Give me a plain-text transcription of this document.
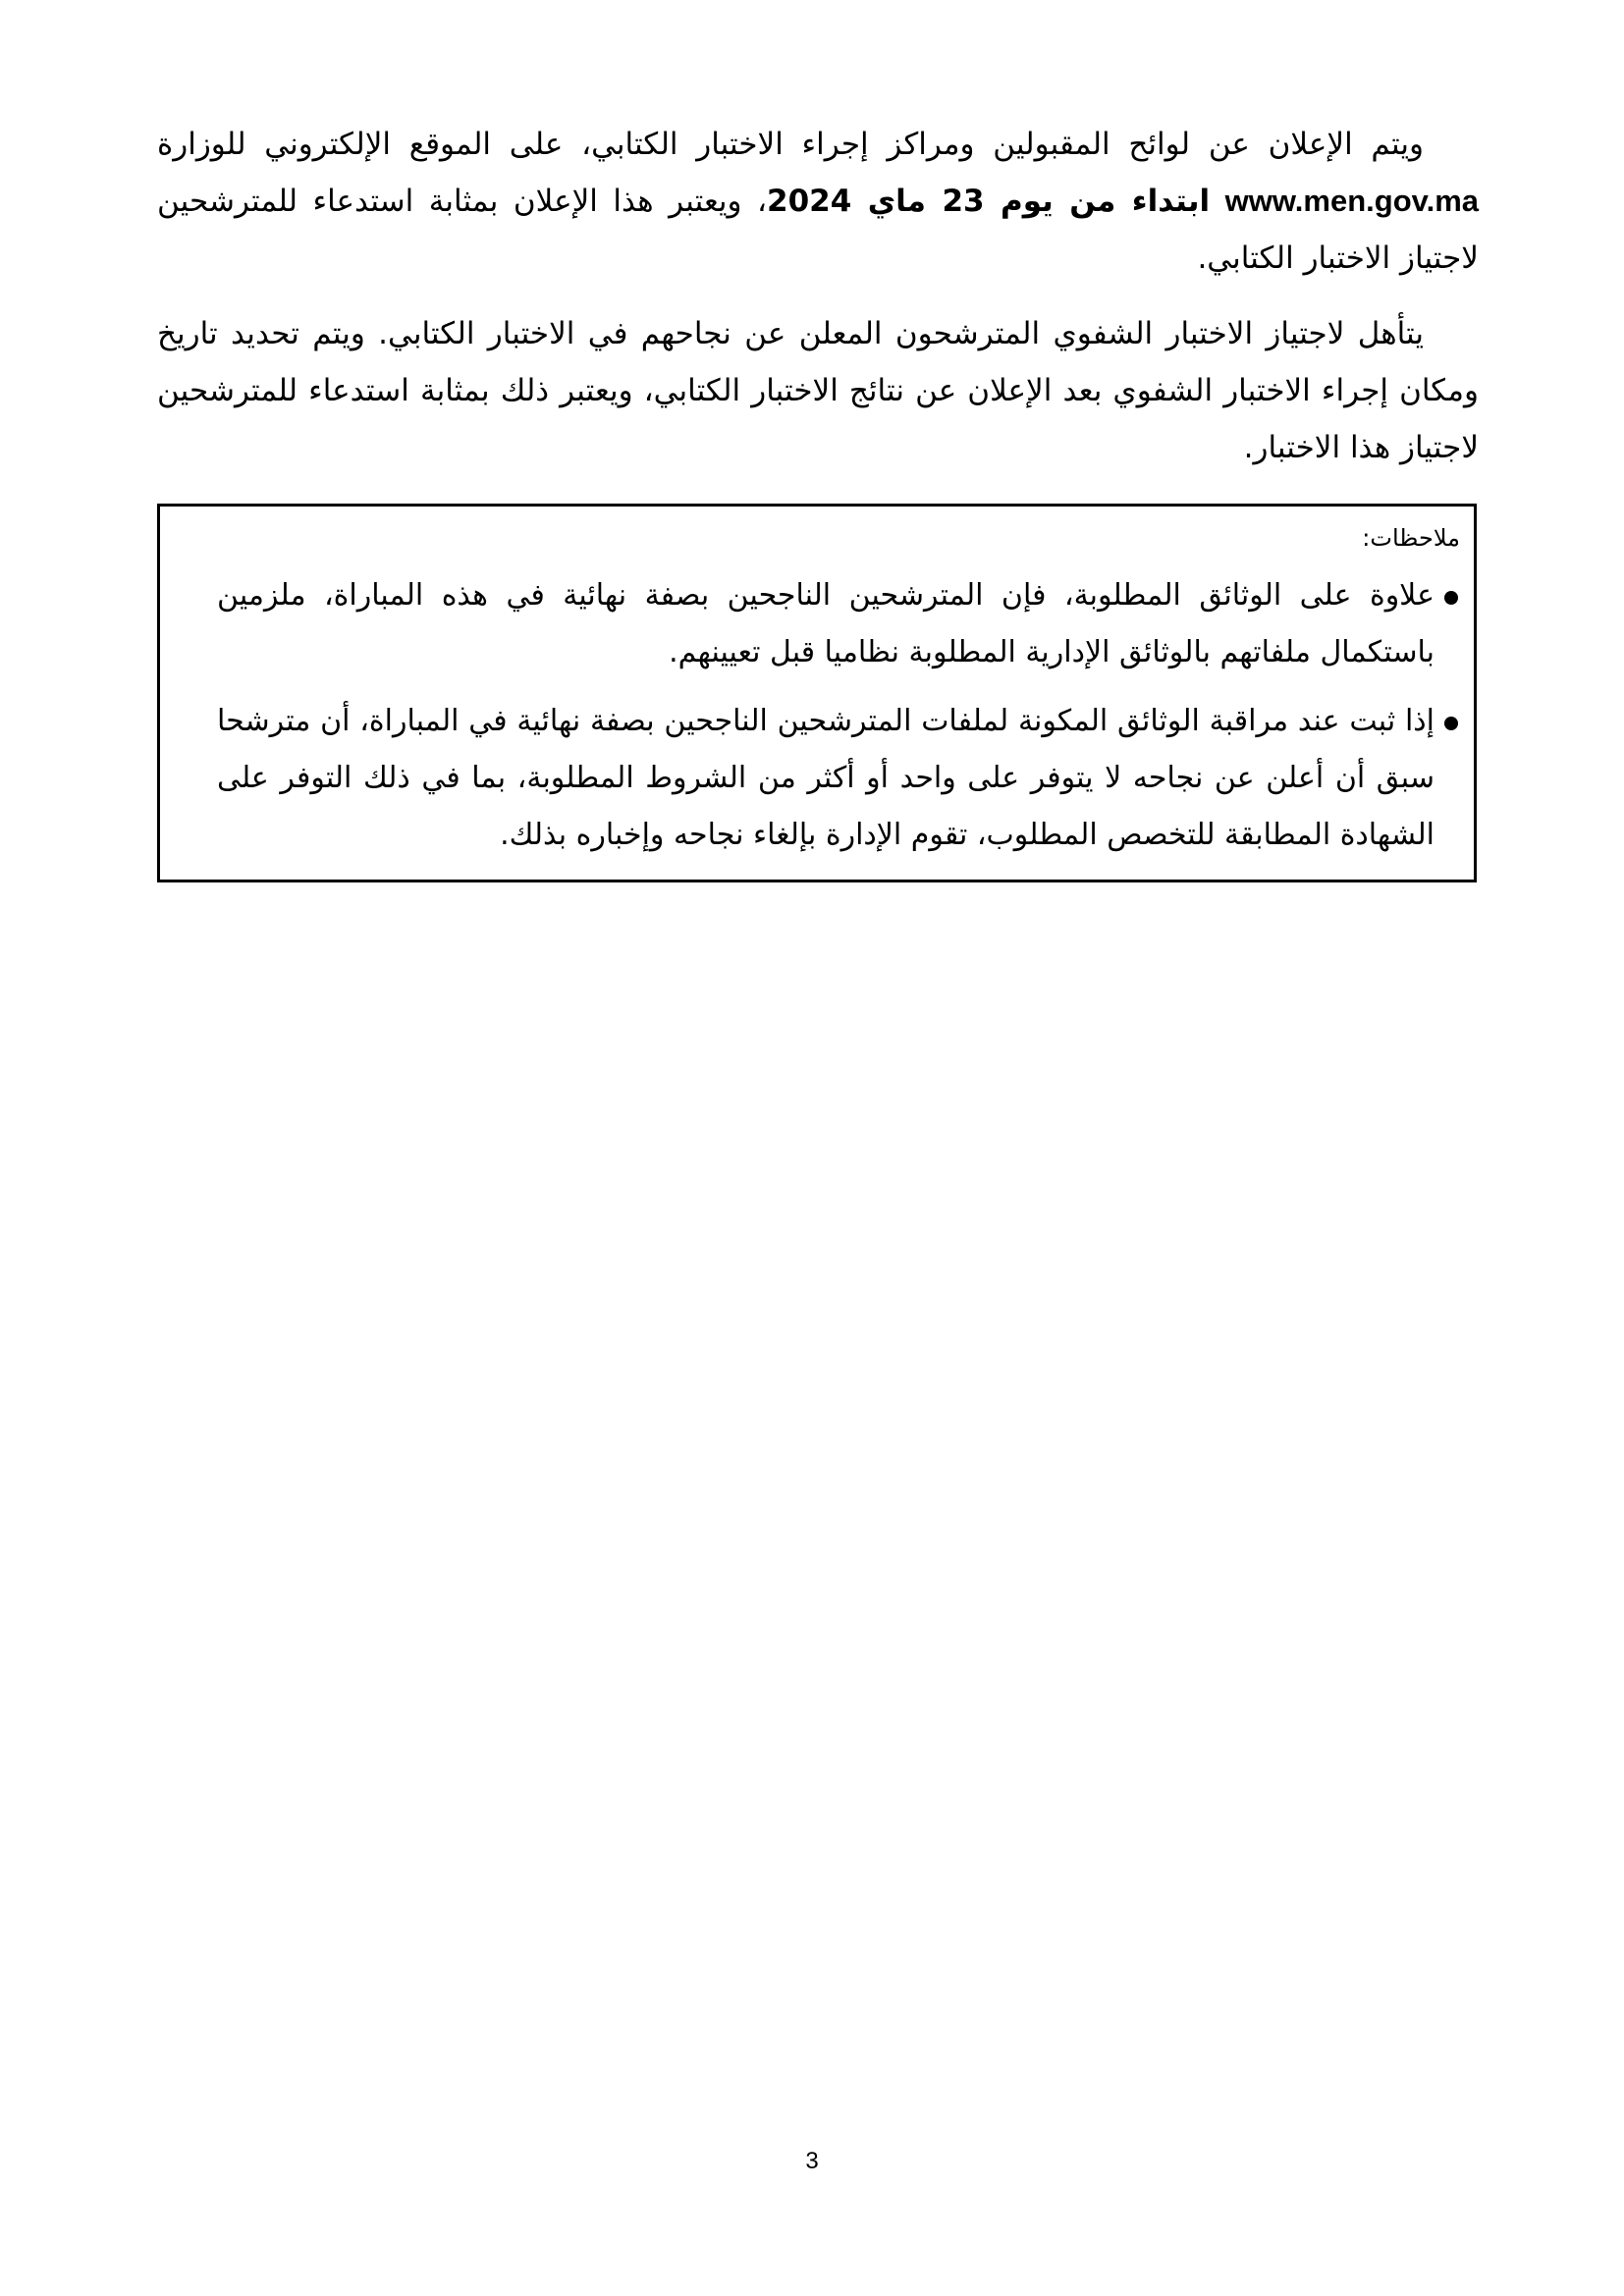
ويتم الإعلان عن لوائح المقبولين ومراكز إجراء الاختبار الكتابي، على الموقع الإلكتروني للوزارة www.men.gov.ma ابتداء من يوم 23 ماي 2024، ويعتبر هذا الإعلان بمثابة استدعاء للمترشحين لاجتياز الاختبار الكتابي.

يتأهل لاجتياز الاختبار الشفوي المترشحون المعلن عن نجاحهم في الاختبار الكتابي. ويتم تحديد تاريخ ومكان إجراء الاختبار الشفوي بعد الإعلان عن نتائج الاختبار الكتابي، ويعتبر ذلك بمثابة استدعاء للمترشحين لاجتياز هذا الاختبار.

ملاحظات:
علاوة على الوثائق المطلوبة، فإن المترشحين الناجحين بصفة نهائية في هذه المباراة، ملزمين باستكمال ملفاتهم بالوثائق الإدارية المطلوبة نظاميا قبل تعيينهم.
إذا ثبت عند مراقبة الوثائق المكونة لملفات المترشحين الناجحين بصفة نهائية في المباراة، أن مترشحا سبق أن أعلن عن نجاحه لا يتوفر على واحد أو أكثر من الشروط المطلوبة، بما في ذلك التوفر على الشهادة المطابقة للتخصص المطلوب، تقوم الإدارة بإلغاء نجاحه وإخباره بذلك.
3
